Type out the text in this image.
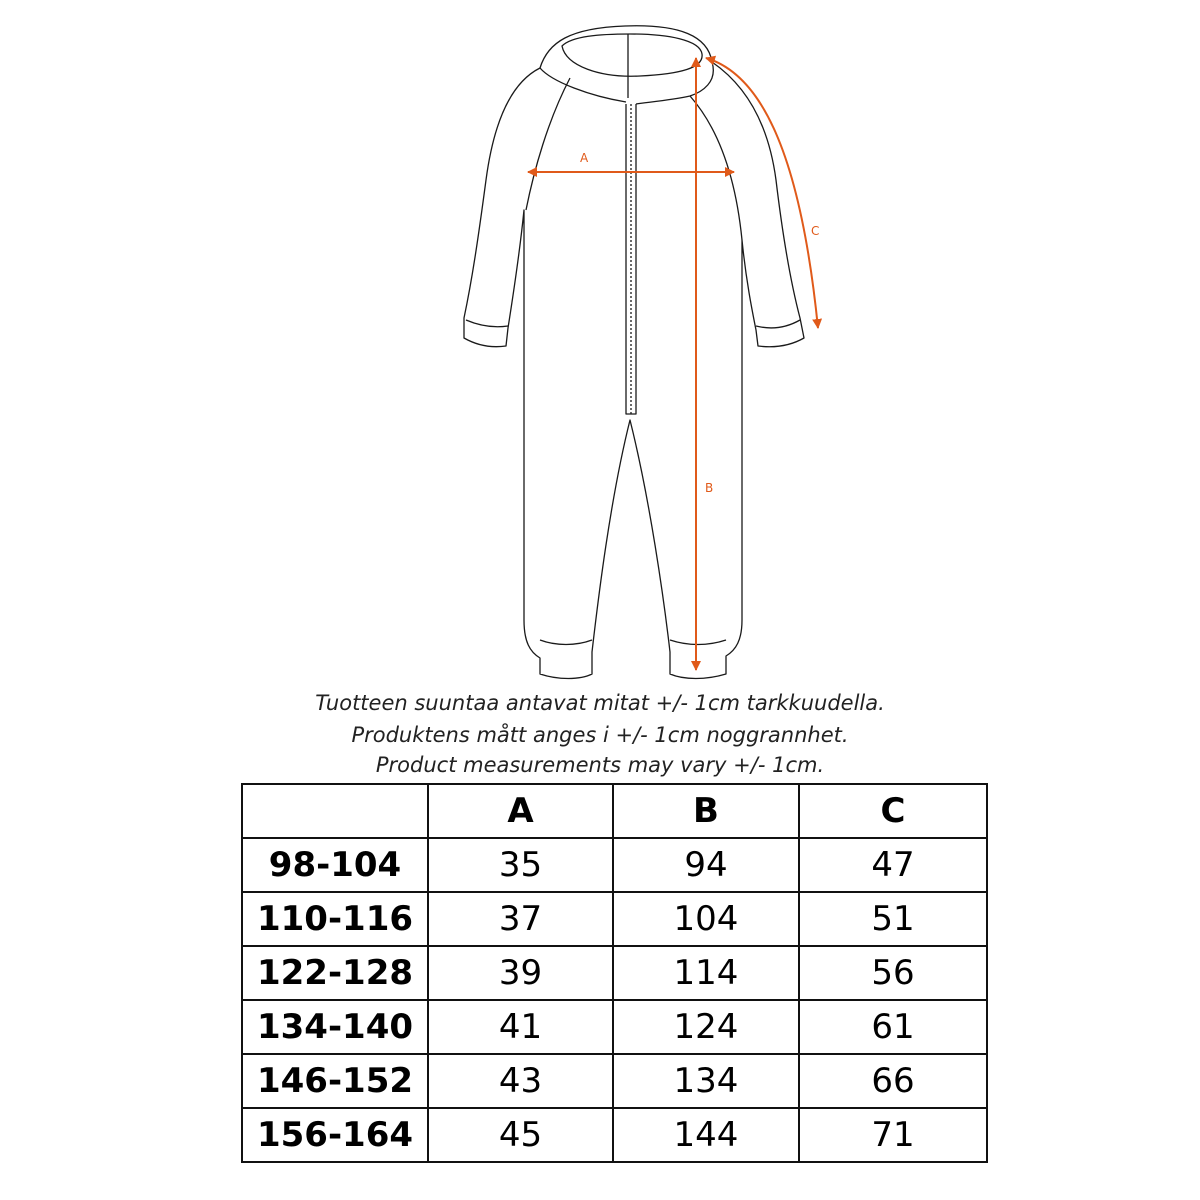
A
B
C
Tuotteen suuntaa antavat mitat +/- 1cm tarkkuudella.
Produktens mått anges i +/- 1cm noggrannhet.
Product measurements may vary +/- 1cm.
	A	B	C
98-104	35	94	47
110-116	37	104	51
122-128	39	114	56
134-140	41	124	61
146-152	43	134	66
156-164	45	144	71
